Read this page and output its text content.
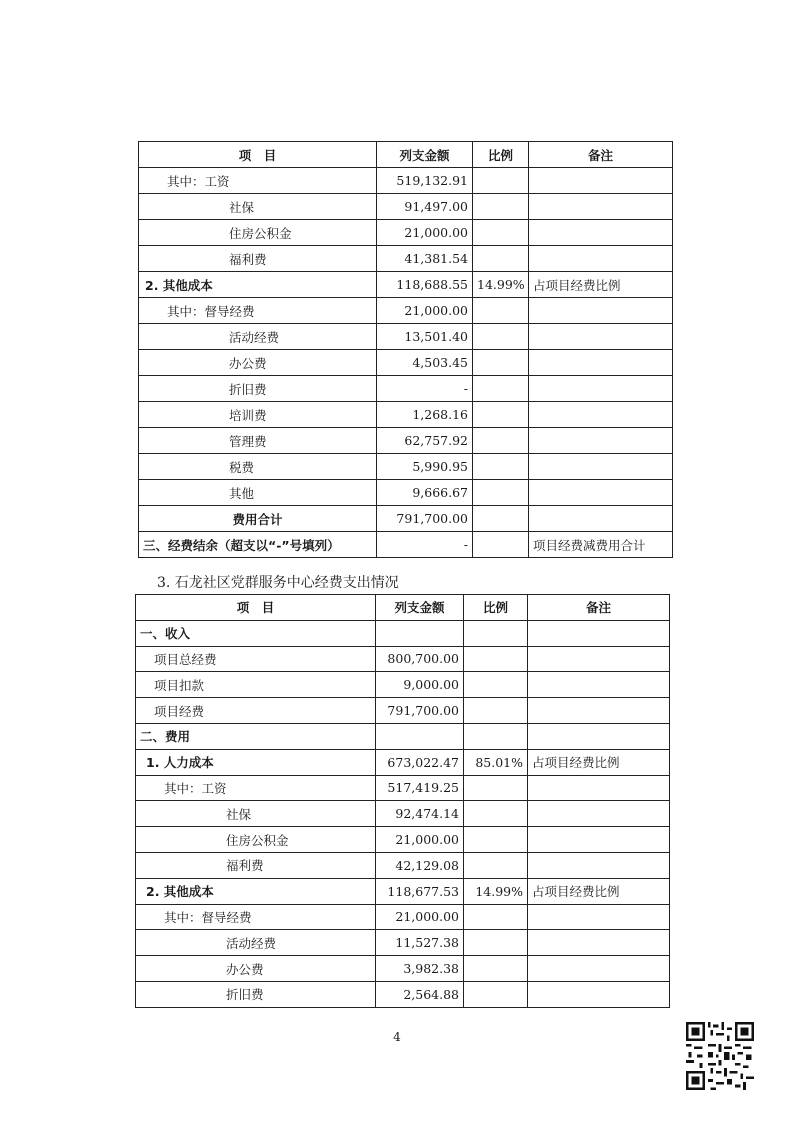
项　目	列支金额	比例	备注
其中：工资	519,132.91		
社保	91,497.00		
住房公积金	21,000.00		
福利费	41,381.54		
2. 其他成本	118,688.55	14.99%	占项目经费比例
其中：督导经费	21,000.00		
活动经费	13,501.40		
办公费	4,503.45		
折旧费	-		
培训费	1,268.16		
管理费	62,757.92		
税费	5,990.95		
其他	9,666.67		
费用合计	791,700.00		
三、经费结余（超支以“-”号填列）	-		项目经费减费用合计
3. 石龙社区党群服务中心经费支出情况
项　目	列支金额	比例	备注
一、收入			
项目总经费	800,700.00		
项目扣款	9,000.00		
项目经费	791,700.00		
二、费用			
1. 人力成本	673,022.47	85.01%	占项目经费比例
其中：工资	517,419.25		
社保	92,474.14		
住房公积金	21,000.00		
福利费	42,129.08		
2. 其他成本	118,677.53	14.99%	占项目经费比例
其中：督导经费	21,000.00		
活动经费	11,527.38		
办公费	3,982.38		
折旧费	2,564.88		
4
